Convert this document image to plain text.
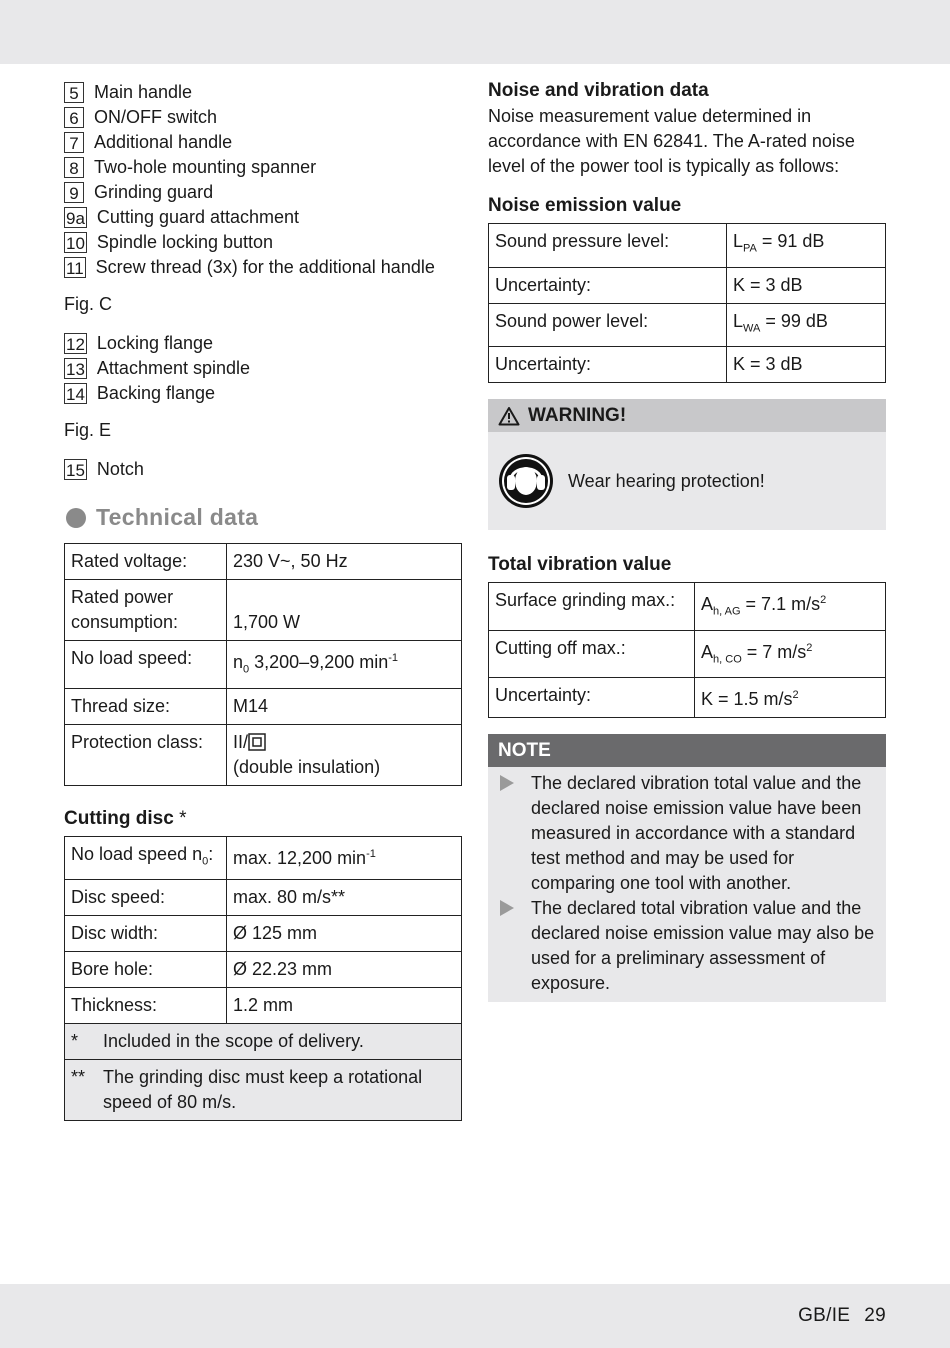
5 Main handle
6 ON/OFF switch
7 Additional handle
8 Two-hole mounting spanner
9 Grinding guard
9a Cutting guard attachment
10 Spindle locking button
11 Screw thread (3x) for the additional handle
Fig. C
12 Locking flange
13 Attachment spindle
14 Backing flange
Fig. E
15 Notch
Technical data
Rated voltage:	230 V~, 50 Hz
Rated power consumption:	1,700 W
No load speed:	$n_0$ 3,200–9,200 $\min^{-1}$
Thread size:	M14
Protection class:	II/
(double insulation)
Cutting disc *
No load speed $n_0$:	max. 12,200 $\min^{-1}$
Disc speed:	max. 80 m/s**
Disc width:	Ø 125 mm
Bore hole:	Ø 22.23 mm
Thickness:	1.2 mm

* Included in the scope of delivery.	

** The grinding disc must keep a rotational speed of 80 m/s.	
Noise and vibration data

Noise measurement value determined in accordance with EN 62841. The A-rated noise level of the power tool is typically as follows:

Noise emission value
Sound pressure level:	$L_{PA} = 91$ dB
Uncertainty:	K = 3 dB
Sound power level:	$L_{WA} = 99$ dB
Uncertainty:	K = 3 dB
WARNING!
Wear hearing protection!
Total vibration value
Surface grinding max.:	$A_{h, AG} = 7.1$ $m/s^2$
Cutting off max.:	$A_{h, CO} = 7$ $m/s^2$
Uncertainty:	K = 1.5 $m/s^2$
NOTE
The declared vibration total value and the declared noise emission value have been measured in accordance with a standard test method and may be used for comparing one tool with another.
The declared total vibration value and the declared noise emission value may also be used for a preliminary assessment of exposure.
GB/IE 29
